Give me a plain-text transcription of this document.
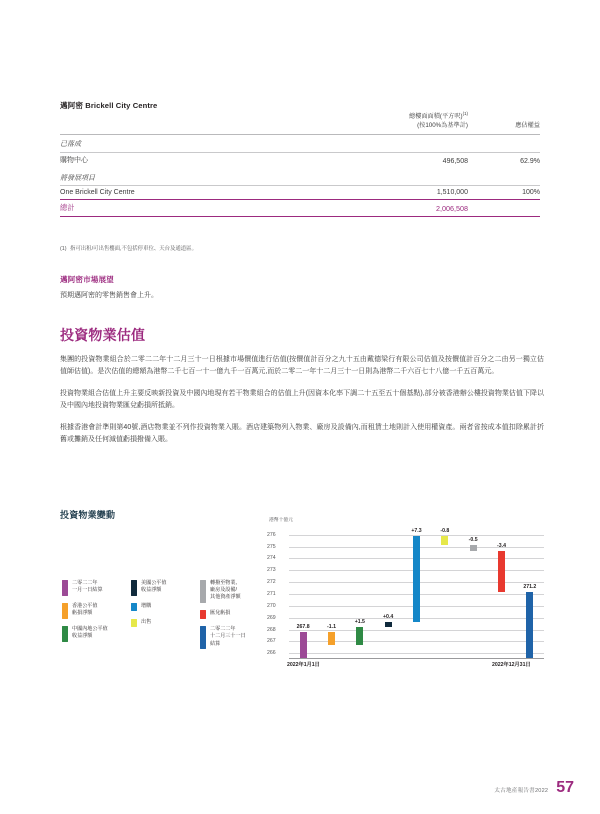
邁阿密 Brickell City Centre
	總樓面面積(平方呎)$^{(1)}$
(按100%為基準計)	應佔權益
已落成		

購物中心	496,508	62.9%
將發展項目		

One Brickell City Centre	1,510,000	100%
總計	2,006,508	
(1) 指可出租/可出售樓面,不包括停車位、天台及通道區。
邁阿密市場展望
預期邁阿密的零售銷售會上升。
投資物業估值
集團的投資物業組合於二零二二年十二月三十一日根據市場價值進行估值(按價值計百分之九十五由戴德梁行有限公司估值及按價值計百分之二由另一獨立估值師估值)。是次估值的總額為港幣二千七百一十一億九千一百萬元,而於二零二一年十二月三十一日則為港幣二千六百七十八億一千五百萬元。
投資物業組合估值上升主要反映新投資及中國內地現有若干物業組合的估值上升(因資本化率下調二十五至五十個基點),部分被香港辦公樓投資物業估值下降以及中國內地投資物業匯兌虧損所抵銷。
根據香港會計準則第40號,酒店物業並不列作投資物業入賬。酒店建築物列入物業、廠房及設備內,而租賃土地則計入使用權資產。兩者省按成本值扣除累計折舊或攤銷及任何減值虧損撥備入賬。
投資物業變動
二零二二年
一月一日結算
香港公平值
虧損淨額
中國內地公平值
收益淨額
美國公平值
收益淨額
增購
出售
轉撥至物業、
廠房及設備/
其他資產淨額
匯兌虧損
二零二二年
十二月三十一日
結算
港幣十億元
267.8	-1.1
+1.5
+0.4
+7.3	-0.8
-0.5
-3.4
271.2
2022年1月1日	2022年12月31日
266
267
268
269
270
271
272
273
274
275
276
太古地產報告書2022 57
